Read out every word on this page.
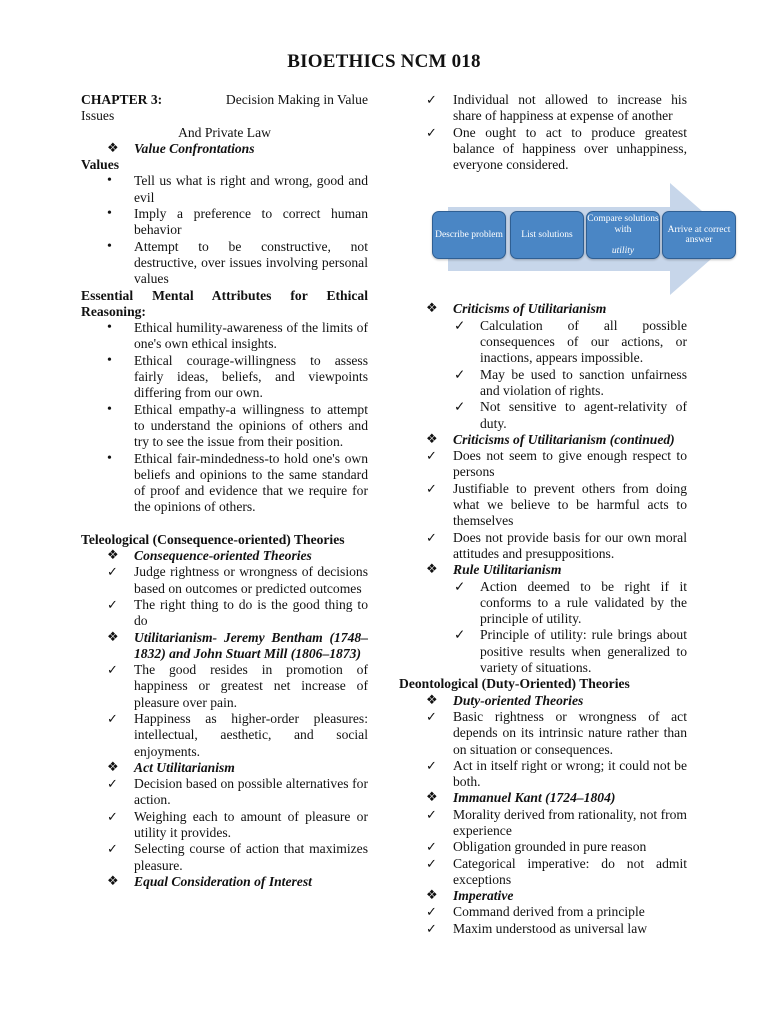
BIOETHICS NCM 018
CHAPTER 3:	Decision Making in Value
Issues
And Private Law
❖ Value Confrontations
Values
• Tell us what is right and wrong, good and evil
• Imply a preference to correct human behavior
• Attempt to be constructive, not destructive, over issues involving personal values
Essential Mental Attributes for Ethical Reasoning:
• Ethical humility-awareness of the limits of one's own ethical insights.
• Ethical courage-willingness to assess fairly ideas, beliefs, and viewpoints differing from our own.
• Ethical empathy-a willingness to attempt to understand the opinions of others and try to see the issue from their position.
• Ethical fair-mindedness-to hold one's own beliefs and opinions to the same standard of proof and evidence that we require for the opinions of others.
Teleological (Consequence-oriented) Theories
❖ Consequence-oriented Theories
✓ Judge rightness or wrongness of decisions based on outcomes or predicted outcomes
✓ The right thing to do is the good thing to do
❖ Utilitarianism- Jeremy Bentham (1748–1832) and John Stuart Mill (1806–1873)
✓ The good resides in promotion of happiness or greatest net increase of pleasure over pain.
✓ Happiness as higher-order pleasures: intellectual, aesthetic, and social enjoyments.
❖ Act Utilitarianism
✓ Decision based on possible alternatives for action.
✓ Weighing each to amount of pleasure or utility it provides.
✓ Selecting course of action that maximizes pleasure.
❖ Equal Consideration of Interest
✓ Individual not allowed to increase his share of happiness at expense of another
✓ One ought to act to produce greatest balance of happiness over unhappiness, everyone considered.
Describe problem List solutions
Compare solutions with

utility
Arrive at correct answer
❖ Criticisms of Utilitarianism
✓ Calculation of all possible consequences of our actions, or inactions, appears impossible.
✓ May be used to sanction unfairness and violation of rights.
✓ Not sensitive to agent-relativity of duty.
❖ Criticisms of Utilitarianism (continued)
✓ Does not seem to give enough respect to persons
✓ Justifiable to prevent others from doing what we believe to be harmful acts to themselves
✓ Does not provide basis for our own moral attitudes and presuppositions.
❖ Rule Utilitarianism
✓ Action deemed to be right if it conforms to a rule validated by the principle of utility.
✓ Principle of utility: rule brings about positive results when generalized to variety of situations.
Deontological (Duty-Oriented) Theories
❖ Duty-oriented Theories
✓ Basic rightness or wrongness of act depends on its intrinsic nature rather than on situation or consequences.
✓ Act in itself right or wrong; it could not be both.
❖ Immanuel Kant (1724–1804)
✓ Morality derived from rationality, not from experience
✓ Obligation grounded in pure reason
✓ Categorical imperative: do not admit exceptions
❖ Imperative
✓ Command derived from a principle
✓ Maxim understood as universal law
